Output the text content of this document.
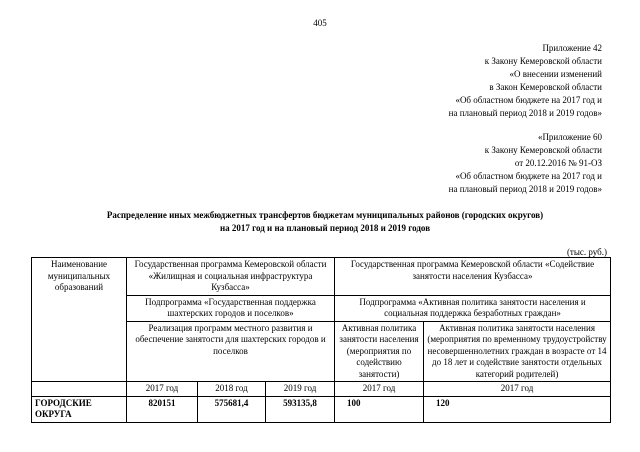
405
Приложение 42
к Закону Кемеровской области
«О внесении изменений
в Закон Кемеровской области
«Об областном бюджете на 2017 год и
на плановый период 2018 и 2019 годов»
«Приложение 60
к Закону Кемеровской области
от 20.12.2016 № 91-ОЗ
«Об областном бюджете на 2017 год и
на плановый период 2018 и 2019 годов»
Распределение иных межбюджетных трансфертов бюджетам муниципальных районов (городских округов)
на 2017 год и на плановый период 2018 и 2019 годов
(тыс. руб.)
Наименование муниципальных образований	Государственная программа Кемеровской области «Жилищная и социальная инфраструктура Кузбасса»			Государственная программа Кемеровской области «Содействие занятости населения Кузбасса»	
	Подпрограмма «Государственная поддержка шахтерских городов и поселков»			Подпрограмма «Активная политика занятости населения и социальная поддержка безработных граждан»	
	Реализация программ местного развития и обеспечение занятости для шахтерских городов и поселков			Активная политика занятости населения (мероприятия по содействию занятости)	Активная политика занятости населения (мероприятия по временному трудоустройству несовершеннолетних граждан в возрасте от 14 до 18 лет и содействие занятости отдельных категорий родителей)
	2017 год	2018 год	2019 год	2017 год	2017 год
ГОРОДСКИЕ ОКРУГА	820151	575681,4	593135,8	100	120
